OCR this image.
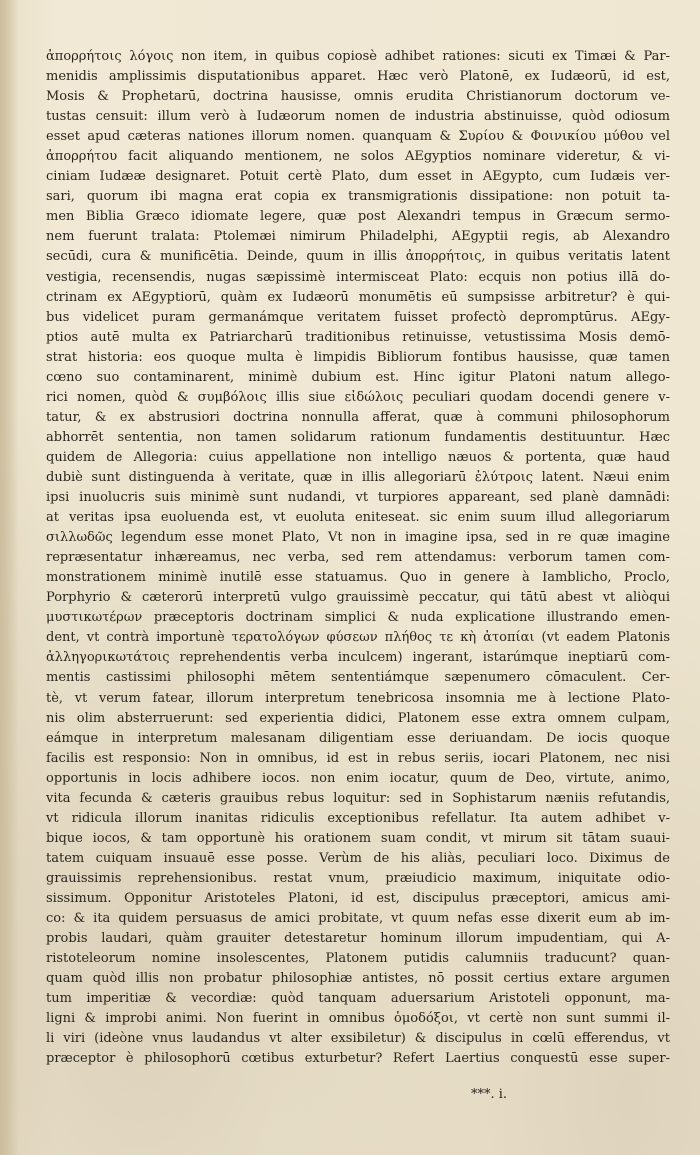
ἀπορρήτοις λόγοις non item, in quibus copiosè adhibet rationes: sicuti ex Timæi & Par-
menidis amplissimis disputationibus apparet. Hæc verò Platonē, ex Iudæorū, id est,
Mosis & Prophetarū, doctrina hausisse, omnis erudita Christianorum doctorum ve-
tustas censuit: illum verò à Iudæorum nomen de industria abstinuisse, quòd odiosum
esset apud cæteras nationes illorum nomen. quanquam & Συρίου & Φοινικίου μύθου vel
ἀπορρήτου facit aliquando mentionem, ne solos AEgyptios nominare videretur, & vi-
ciniam Iudææ designaret. Potuit certè Plato, dum esset in AEgypto, cum Iudæis ver-
sari, quorum ibi magna erat copia ex transmigrationis dissipatione: non potuit ta-
men Biblia Græco idiomate legere, quæ post Alexandri tempus in Græcum sermo-
nem fuerunt tralata: Ptolemæi nimirum Philadelphi, AEgyptii regis, ab Alexandro
secūdi, cura & munificētia. Deinde, quum in illis ἀπορρήτοις, in quibus veritatis latent
vestigia, recensendis, nugas sæpissimè intermisceat Plato: ecquis non potius illā do-
ctrinam ex AEgyptiorū, quàm ex Iudæorū monumētis eū sumpsisse arbitretur? è qui-
bus videlicet puram germanámque veritatem fuisset profectò depromptūrus. AEgy-
ptios autē multa ex Patriarcharū traditionibus retinuisse, vetustissima Mosis demō-
strat historia: eos quoque multa è limpidis Bibliorum fontibus hausisse, quæ tamen
cœno suo contaminarent, minimè dubium est. Hinc igitur Platoni natum allego-
rici nomen, quòd & συμβόλοις illis siue εἰδώλοις peculiari quodam docendi genere v-
tatur, & ex abstrusiori doctrina nonnulla afferat, quæ à communi philosophorum
abhorrēt sententia, non tamen solidarum rationum fundamentis destituuntur. Hæc
quidem de Allegoria: cuius appellatione non intelligo næuos & portenta, quæ haud
dubiè sunt distinguenda à veritate, quæ in illis allegoriarū ἐλύτροις latent. Næui enim
ipsi inuolucris suis minimè sunt nudandi, vt turpiores appareant, sed planè damnādi:
at veritas ipsa euoluenda est, vt euoluta eniteseat. sic enim suum illud allegoriarum
σιλλωδῶς legendum esse monet Plato, Vt non in imagine ipsa, sed in re quæ imagine
repræsentatur inhæreamus, nec verba, sed rem attendamus: verborum tamen com-
monstrationem minimè inutilē esse statuamus. Quo in genere à Iamblicho, Proclo,
Porphyrio & cæterorū interpretū vulgo grauissimè peccatur, qui tātū abest vt aliòqui
μυστικωτέρων præceptoris doctrinam simplici & nuda explicatione illustrando emen-
dent, vt contrà importunè τερατολόγων φύσεων πλήθος τε κὴ ἀτοπίαι (vt eadem Platonis
ἀλληγορικωτάτοις reprehendentis verba inculcem) ingerant, istarúmque ineptiarū com-
mentis castissimi philosophi mētem sententiámque sæpenumero cōmaculent. Cer-
tè, vt verum fatear, illorum interpretum tenebricosa insomnia me à lectione Plato-
nis olim absterruerunt: sed experientia didici, Platonem esse extra omnem culpam,
eámque in interpretum malesanam diligentiam esse deriuandam. De iocis quoque
facilis est responsio: Non in omnibus, id est in rebus seriis, iocari Platonem, nec nisi
opportunis in locis adhibere iocos. non enim iocatur, quum de Deo, virtute, animo,
vita fecunda & cæteris grauibus rebus loquitur: sed in Sophistarum næniis refutandis,
vt ridicula illorum inanitas ridiculis exceptionibus refellatur. Ita autem adhibet v-
bique iocos, & tam opportunè his orationem suam condit, vt mirum sit tātam suaui-
tatem cuiquam insuauē esse posse. Verùm de his aliàs, peculiari loco. Diximus de
grauissimis reprehensionibus. restat vnum, præiudicio maximum, iniquitate odio-
sissimum. Opponitur Aristoteles Platoni, id est, discipulus præceptori, amicus ami-
co: & ita quidem persuasus de amici probitate, vt quum nefas esse dixerit eum ab im-
probis laudari, quàm grauiter detestaretur hominum illorum impudentiam, qui A-
ristoteleorum nomine insolescentes, Platonem putidis calumniis traducunt? quan-
quam quòd illis non probatur philosophiæ antistes, nō possit certius extare argumen
tum imperitiæ & vecordiæ: quòd tanquam aduersarium Aristoteli opponunt, ma-
ligni & improbi animi. Non fuerint in omnibus ὁμοδόξοι, vt certè non sunt summi il-
li viri (ideòne vnus laudandus vt alter exsibiletur) & discipulus in cœlū efferendus, vt
præceptor è philosophorū cœtibus exturbetur? Refert Laertius conquestū esse super-
***. i.
